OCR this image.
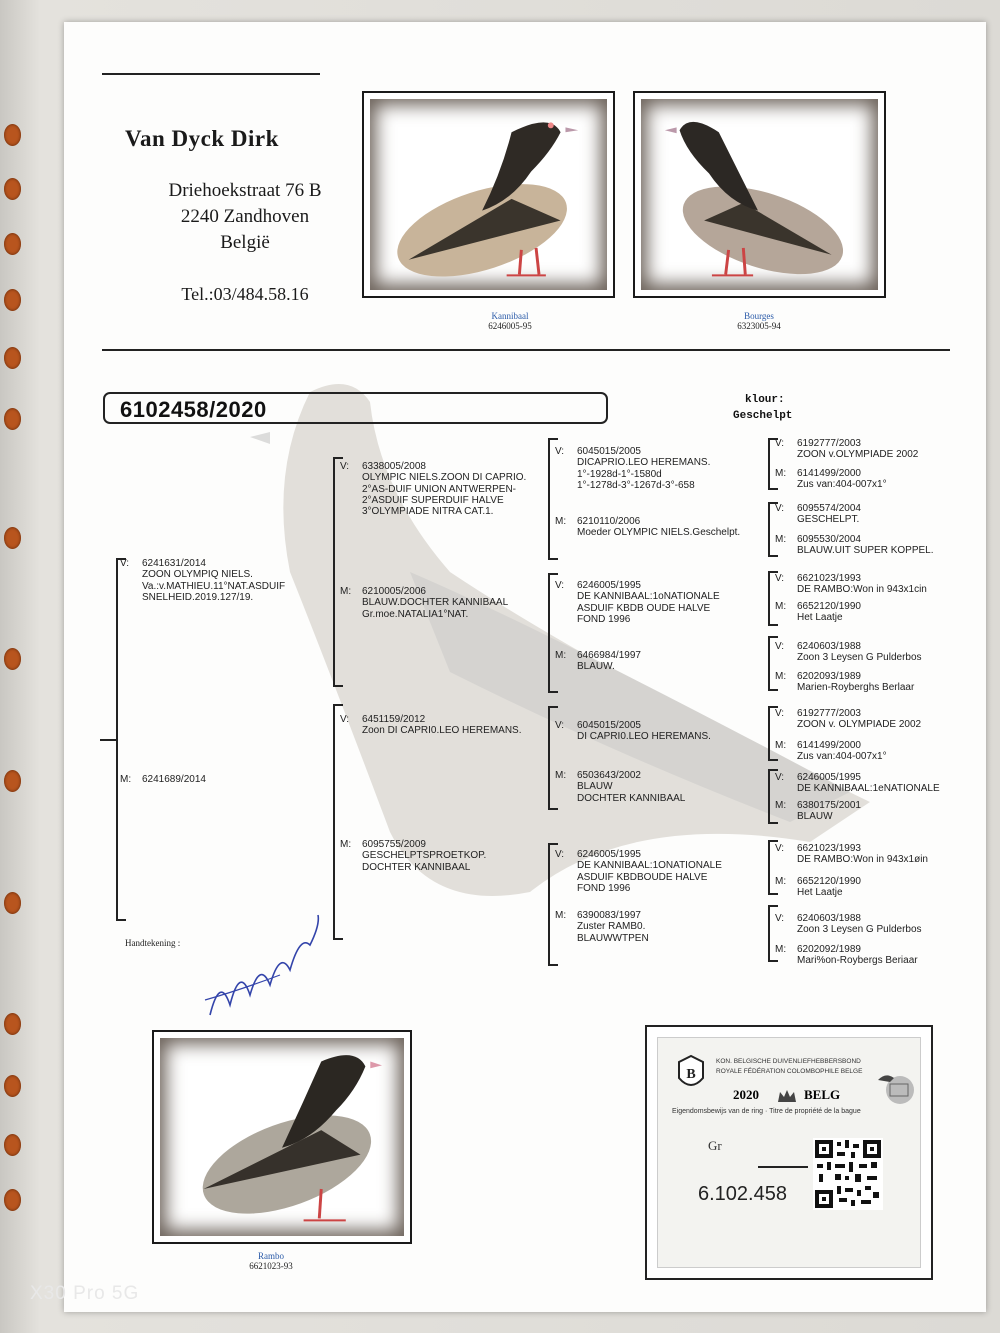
Van Dyck Dirk
Driehoekstraat 76 B
2240 Zandhoven
België
Tel.:03/484.58.16
Kannibaal
6246005-95
Bourges
6323005-94
6102458/2020	klour:
Geschelpt
V:	6241631/2014
ZOON OLYMPIQ NIELS.
Va.:v.MATHIEU.11°NAT.ASDUIF
SNELHEID.2019.127/19.
M:	6241689/2014
V:	6338005/2008
OLYMPIC NIELS.ZOON DI CAPRIO.
2°AS-DUIF UNION ANTWERPEN-
2°ASDUIF SUPERDUIF HALVE
3°OLYMPIADE NITRA CAT.1.
M:	6210005/2006
BLAUW.DOCHTER KANNIBAAL
Gr.moe.NATALIA1°NAT.
V:	6451159/2012
Zoon DI CAPRI0.LEO HEREMANS.
M:	6095755/2009
GESCHELPTSPROETKOP.
DOCHTER KANNIBAAL
V:	6045015/2005
DICAPRIO.LEO HEREMANS.
1°-1928d-1°-1580d
1°-1278d-3°-1267d-3°-658
M:	6210110/2006
Moeder OLYMPIC NIELS.Geschelpt.
V:	6246005/1995
DE KANNIBAAL:1oNATIONALE
ASDUIF KBDB OUDE HALVE
FOND 1996
M:	6466984/1997
BLAUW.
V:	6045015/2005
DI CAPRI0.LEO HEREMANS.
M:	6503643/2002
BLAUW
DOCHTER KANNIBAAL
V:	6246005/1995
DE KANNIBAAL:1ONATIONALE
ASDUIF KBDBOUDE HALVE
FOND 1996
M:	6390083/1997
Zuster RAMB0.
BLAUWWTPEN
V:	6192777/2003
ZOON v.OLYMPIADE 2002
M:	6141499/2000
Zus van:404-007x1°
V:	6095574/2004
GESCHELPT.
M:	6095530/2004
BLAUW.UIT SUPER KOPPEL.
V:	6621023/1993
DE RAMBO:Won in 943x1cin
M:	6652120/1990
Het Laatje
V:	6240603/1988
Zoon 3 Leysen G Pulderbos
M:	6202093/1989
Marien-Royberghs Berlaar
V:	6192777/2003
ZOON v. OLYMPIADE 2002
M:	6141499/2000
Zus van:404-007x1°
V:	6246005/1995
DE KANNIBAAL:1eNATIONALE
M:	6380175/2001
BLAUW
V:	6621023/1993
DE RAMBO:Won in 943x1øin
M:	6652120/1990
Het Laatje
V:	6240603/1988
Zoon 3 Leysen G Pulderbos
M:	6202092/1989
Mari%on-Roybergs Beriaar
Handtekening :
Rambo
6621023-93
B
KON. BELGISCHE DUIVENLIEFHEBBERSBOND
ROYALE FÉDÉRATION COLOMBOPHILE BELGE
2020	BELG
Eigendomsbewijs van de ring · Titre de propriété de la bague
Gr
6.102.458
X30 Pro 5G
